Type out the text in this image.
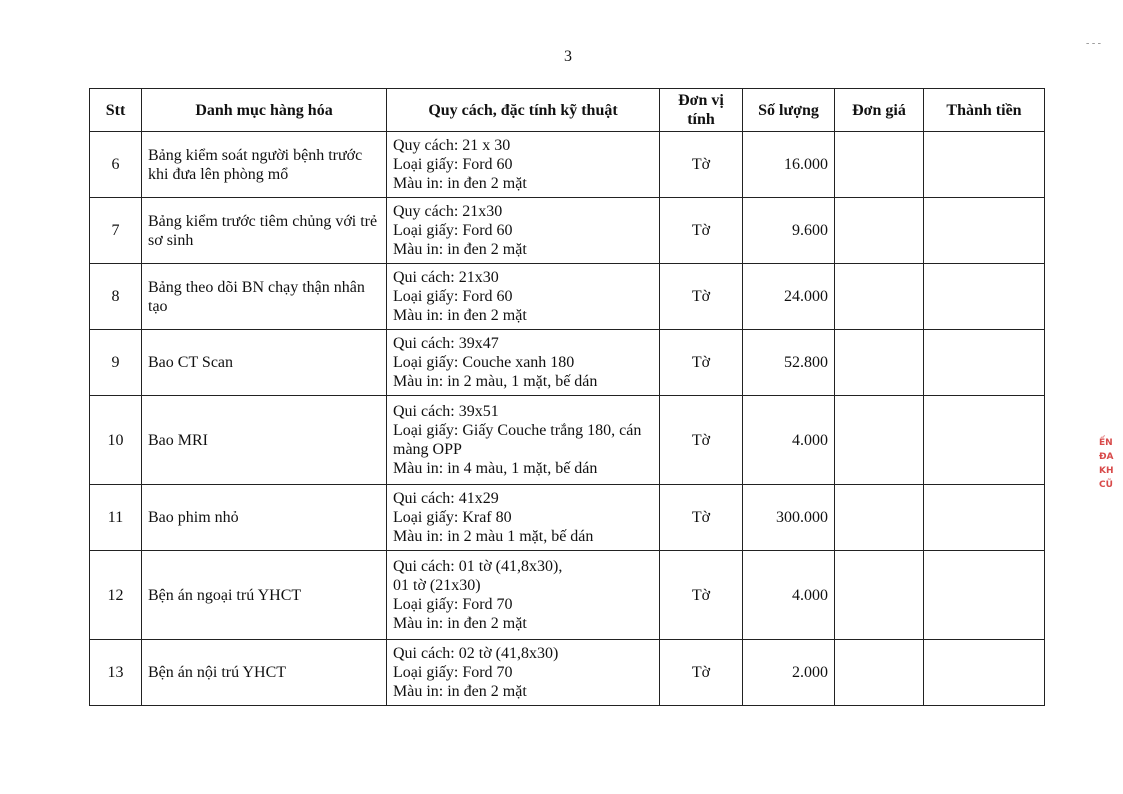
3
- - -
Stt	Danh mục hàng hóa	Quy cách, đặc tính kỹ thuật	Đơn vị tính	Số lượng	Đơn giá	Thành tiền
6	Bảng kiểm soát người bệnh trước khi đưa lên phòng mổ	Quy cách: 21 x 30
Loại giấy: Ford 60
Màu in: in đen 2 mặt	Tờ	16.000		
7	Bảng kiểm trước tiêm chủng với trẻ sơ sinh	Quy cách: 21x30
Loại giấy: Ford 60
Màu in: in đen 2 mặt	Tờ	9.600		
8	Bảng theo dõi BN chạy thận nhân tạo	Qui cách: 21x30
Loại giấy: Ford 60
Màu in: in đen 2 mặt	Tờ	24.000		
9	Bao CT Scan	Qui cách: 39x47
Loại giấy: Couche xanh 180
Màu in: in 2 màu, 1 mặt, bế dán	Tờ	52.800		
10	Bao MRI	Qui cách: 39x51
Loại giấy: Giấy Couche trắng 180, cán màng OPP
Màu in: in 4 màu, 1 mặt, bế dán	Tờ	4.000		
11	Bao phim nhỏ	Qui cách: 41x29
Loại giấy: Kraf 80
Màu in: in 2 màu 1 mặt, bế dán	Tờ	300.000		
12	Bện án ngoại trú YHCT	Qui cách: 01 tờ (41,8x30),
01 tờ (21x30)
Loại giấy: Ford 70
Màu in: in đen 2 mặt	Tờ	4.000		
13	Bện án nội trú YHCT	Qui cách: 02 tờ (41,8x30)
Loại giấy: Ford 70
Màu in: in đen 2 mặt	Tờ	2.000		
ẾN
ĐA
KH
CŨ
